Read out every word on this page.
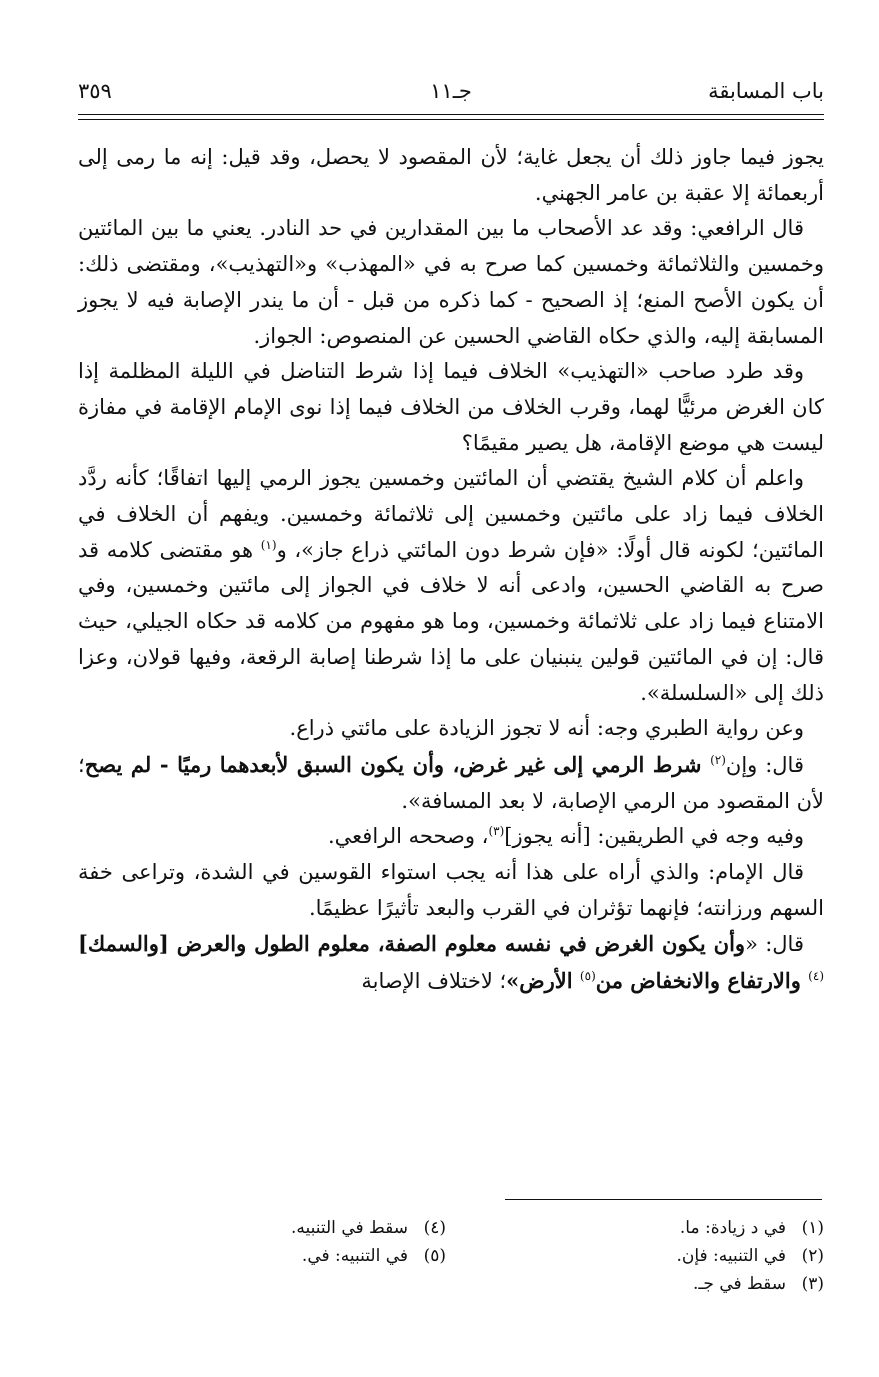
باب المسابقة
جـ١١
٣٥٩

يجوز فيما جاوز ذلك أن يجعل غاية؛ لأن المقصود لا يحصل، وقد قيل: إنه ما رمى إلى أربعمائة إلا عقبة بن عامر الجهني.

قال الرافعي: وقد عد الأصحاب ما بين المقدارين في حد النادر. يعني ما بين المائتين وخمسين والثلاثمائة وخمسين كما صرح به في «المهذب» و«التهذيب»، ومقتضى ذلك: أن يكون الأصح المنع؛ إذ الصحيح - كما ذكره من قبل - أن ما يندر الإصابة فيه لا يجوز المسابقة إليه، والذي حكاه القاضي الحسين عن المنصوص: الجواز.

وقد طرد صاحب «التهذيب» الخلاف فيما إذا شرط التناضل في الليلة المظلمة إذا كان الغرض مرئيًّا لهما، وقرب الخلاف من الخلاف فيما إذا نوى الإمام الإقامة في مفازة ليست هي موضع الإقامة، هل يصير مقيمًا؟

واعلم أن كلام الشيخ يقتضي أن المائتين وخمسين يجوز الرمي إليها اتفاقًا؛ كأنه ردَّد الخلاف فيما زاد على مائتين وخمسين إلى ثلاثمائة وخمسين. ويفهم أن الخلاف في المائتين؛ لكونه قال أولًا: «فإن شرط دون المائتي ذراع جاز»، و$^{(١)}$ هو مقتضى كلامه قد صرح به القاضي الحسين، وادعى أنه لا خلاف في الجواز إلى مائتين وخمسين، وفي الامتناع فيما زاد على ثلاثمائة وخمسين، وما هو مفهوم من كلامه قد حكاه الجيلي، حيث قال: إن في المائتين قولين ينبنيان على ما إذا شرطنا إصابة الرقعة، وفيها قولان، وعزا ذلك إلى «السلسلة».

وعن رواية الطبري وجه: أنه لا تجوز الزيادة على مائتي ذراع.

قال: وإن$^{(٢)}$ شرط الرمي إلى غير غرض، وأن يكون السبق لأبعدهما رميًا - لم يصح؛ لأن المقصود من الرمي الإصابة، لا بعد المسافة».

وفيه وجه في الطريقين: [أنه يجوز]$^{(٣)}$، وصححه الرافعي.

قال الإمام: والذي أراه على هذا أنه يجب استواء القوسين في الشدة، وتراعى خفة السهم ورزانته؛ فإنهما تؤثران في القرب والبعد تأثيرًا عظيمًا.

قال: «وأن يكون الغرض في نفسه معلوم الصفة، معلوم الطول والعرض [والسمك]$^{(٤)}$ والارتفاع والانخفاض من$^{(٥)}$ الأرض»؛ لاختلاف الإصابة

(١)في د زيادة: ما.
(٢)في التنبيه: فإن.
(٣)سقط في جـ.
(٤)سقط في التنبيه.
(٥)في التنبيه: في.
